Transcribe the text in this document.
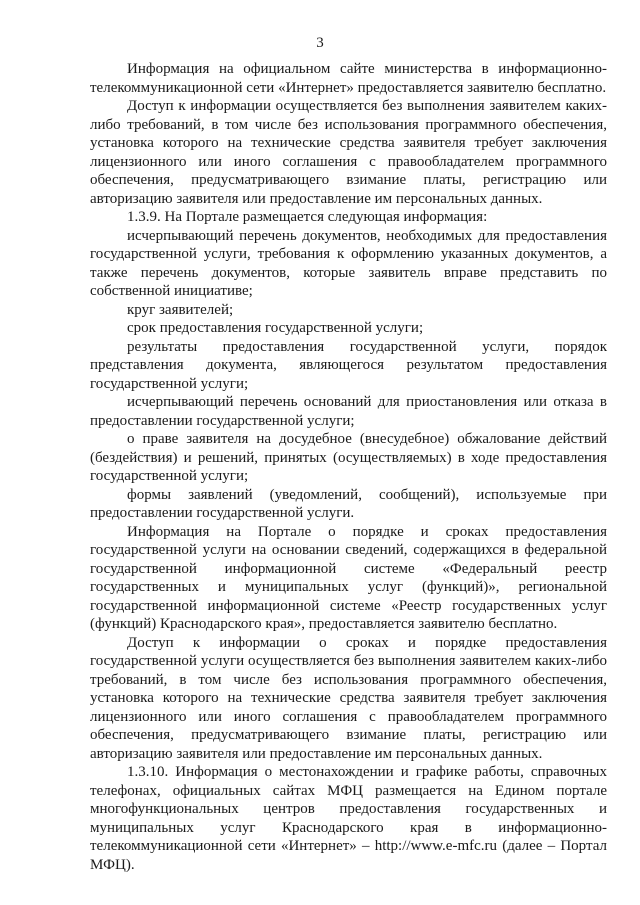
3

Информация на официальном сайте министерства в информационно-телекоммуникационной сети «Интернет» предоставляется заявителю бесплатно.

Доступ к информации осуществляется без выполнения заявителем каких-либо требований, в том числе без использования программного обеспечения, установка которого на технические средства заявителя требует заключения лицензионного или иного соглашения с правообладателем программного обеспечения, предусматривающего взимание платы, регистрацию или авторизацию заявителя или предоставление им персональных данных.

1.3.9. На Портале размещается следующая информация:

исчерпывающий перечень документов, необходимых для предоставления государственной услуги, требования к оформлению указанных документов, а также перечень документов, которые заявитель вправе представить по собственной инициативе;

круг заявителей;

срок предоставления государственной услуги;

результаты предоставления государственной услуги, порядок представления документа, являющегося результатом предоставления государственной услуги;

исчерпывающий перечень оснований для приостановления или отказа в предоставлении государственной услуги;

о праве заявителя на досудебное (внесудебное) обжалование действий (бездействия) и решений, принятых (осуществляемых) в ходе предоставления государственной услуги;

формы заявлений (уведомлений, сообщений), используемые при предоставлении государственной услуги.

Информация на Портале о порядке и сроках предоставления государственной услуги на основании сведений, содержащихся в федеральной государственной информационной системе «Федеральный реестр государственных и муниципальных услуг (функций)», региональной государственной информационной системе «Реестр государственных услуг (функций) Краснодарского края», предоставляется заявителю бесплатно.

Доступ к информации о сроках и порядке предоставления государственной услуги осуществляется без выполнения заявителем каких-либо требований, в том числе без использования программного обеспечения, установка которого на технические средства заявителя требует заключения лицензионного или иного соглашения с правообладателем программного обеспечения, предусматривающего взимание платы, регистрацию или авторизацию заявителя или предоставление им персональных данных.

1.3.10. Информация о местонахождении и графике работы, справочных телефонах, официальных сайтах МФЦ размещается на Едином портале многофункциональных центров предоставления государственных и муниципальных услуг Краснодарского края в информационно-телекоммуникационной сети «Интернет» – http://www.e-mfc.ru (далее – Портал МФЦ).
